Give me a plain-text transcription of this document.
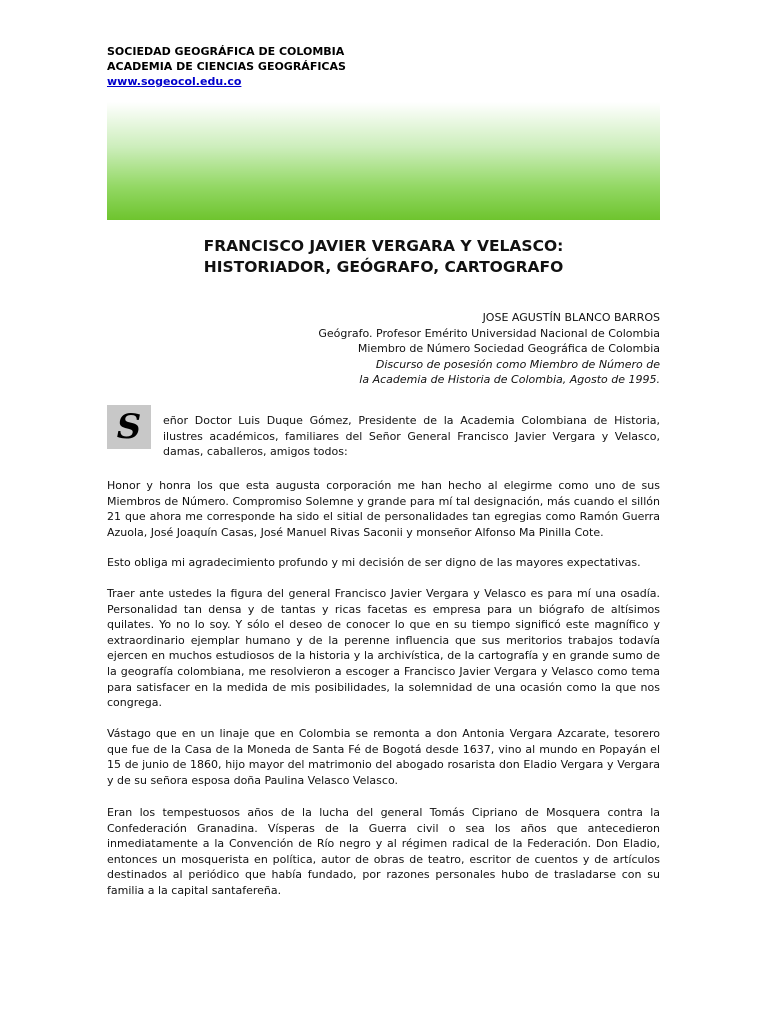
SOCIEDAD GEOGRÁFICA DE COLOMBIA
ACADEMIA DE CIENCIAS GEOGRÁFICAS
www.sogeocol.edu.co
FRANCISCO JAVIER VERGARA Y VELASCO:
HISTORIADOR, GEÓGRAFO, CARTOGRAFO
JOSE AGUSTÍN BLANCO BARROS
Geógrafo. Profesor Emérito Universidad Nacional de Colombia
Miembro de Número Sociedad Geográfica de Colombia
Discurso de posesión como Miembro de Número de
la Academia de Historia de Colombia, Agosto de 1995.
S	eñor Doctor Luis Duque Gómez, Presidente de la Academia Colombiana de Historia, ilustres académicos, familiares del Señor General Francisco Javier Vergara y Velasco, damas, caballeros, amigos todos:
Honor y honra los que esta augusta corporación me han hecho al elegirme como uno de sus Miembros de Número. Compromiso Solemne y grande para mí tal designación, más cuando el sillón 21 que ahora me corresponde ha sido el sitial de personalidades tan egregias como Ramón Guerra Azuola, José Joaquín Casas, José Manuel Rivas Saconii y monseñor Alfonso Ma Pinilla Cote.
Esto obliga mi agradecimiento profundo y mi decisión de ser digno de las mayores expectativas.
Traer ante ustedes la figura del general Francisco Javier Vergara y Velasco es para mí una osadía. Personalidad tan densa y de tantas y ricas facetas es empresa para un biógrafo de altísimos quilates. Yo no lo soy. Y sólo el deseo de conocer lo que en su tiempo significó este magnífico y extraordinario ejemplar humano y de la perenne influencia que sus meritorios trabajos todavía ejercen en muchos estudiosos de la historia y la archivística, de la cartografía y en grande sumo de la geografía colombiana, me resolvieron a escoger a Francisco Javier Vergara y Velasco como tema para satisfacer en la medida de mis posibilidades, la solemnidad de una ocasión como la que nos congrega.
Vástago que en un linaje que en Colombia se remonta a don Antonia Vergara Azcarate, tesorero que fue de la Casa de la Moneda de Santa Fé de Bogotá desde 1637, vino al mundo en Popayán el 15 de junio de 1860, hijo mayor del matrimonio del abogado rosarista don Eladio Vergara y Vergara y de su señora esposa doña Paulina Velasco Velasco.
Eran los tempestuosos años de la lucha del general Tomás Cipriano de Mosquera contra la Confederación Granadina. Vísperas de la Guerra civil o sea los años que antecedieron inmediatamente a la Convención de Río negro y al régimen radical de la Federación. Don Eladio, entonces un mosquerista en política, autor de obras de teatro, escritor de cuentos y de artículos destinados al periódico que había fundado, por razones personales hubo de trasladarse con su familia a la capital santafereña.
